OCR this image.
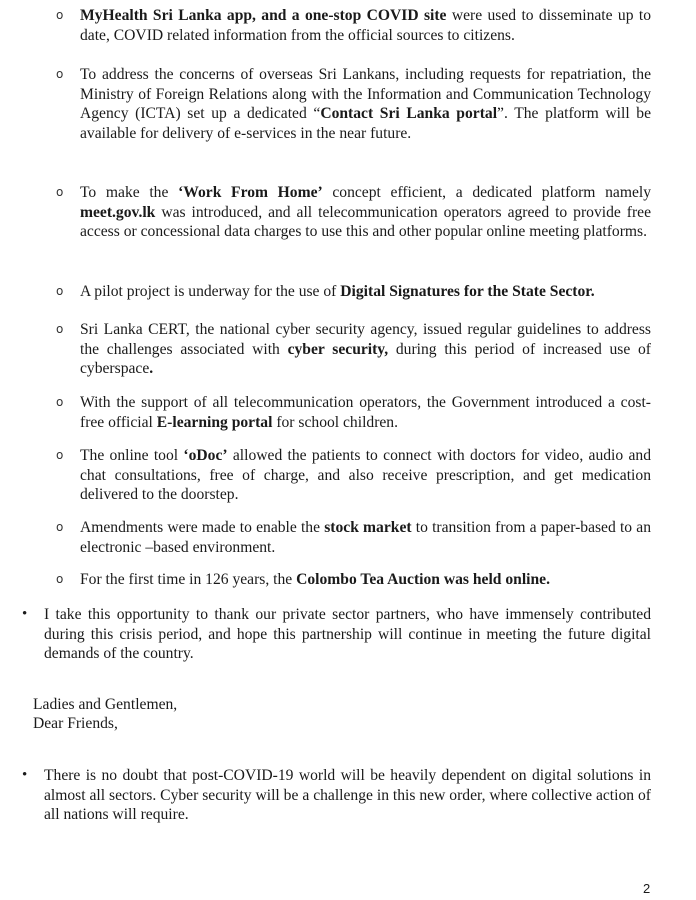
o MyHealth Sri Lanka app, and a one-stop COVID site were used to disseminate up to date, COVID related information from the official sources to citizens.
o To address the concerns of overseas Sri Lankans, including requests for repatriation, the Ministry of Foreign Relations along with the Information and Communication Technology Agency (ICTA) set up a dedicated “Contact Sri Lanka portal”. The platform will be available for delivery of e-services in the near future.
o To make the ‘Work From Home’ concept efficient, a dedicated platform namely meet.gov.lk was introduced, and all telecommunication operators agreed to provide free access or concessional data charges to use this and other popular online meeting platforms.
o A pilot project is underway for the use of Digital Signatures for the State Sector.
o Sri Lanka CERT, the national cyber security agency, issued regular guidelines to address the challenges associated with cyber security, during this period of increased use of cyberspace.
o With the support of all telecommunication operators, the Government introduced a cost-free official E-learning portal for school children.
o The online tool ‘oDoc’ allowed the patients to connect with doctors for video, audio and chat consultations, free of charge, and also receive prescription, and get medication delivered to the doorstep.
o Amendments were made to enable the stock market to transition from a paper-based to an electronic –based environment.
o For the first time in 126 years, the Colombo Tea Auction was held online.
• I take this opportunity to thank our private sector partners, who have immensely contributed during this crisis period, and hope this partnership will continue in meeting the future digital demands of the country.
• There is no doubt that post-COVID-19 world will be heavily dependent on digital solutions in almost all sectors. Cyber security will be a challenge in this new order, where collective action of all nations will require.
Ladies and Gentlemen,
Dear Friends,
2
